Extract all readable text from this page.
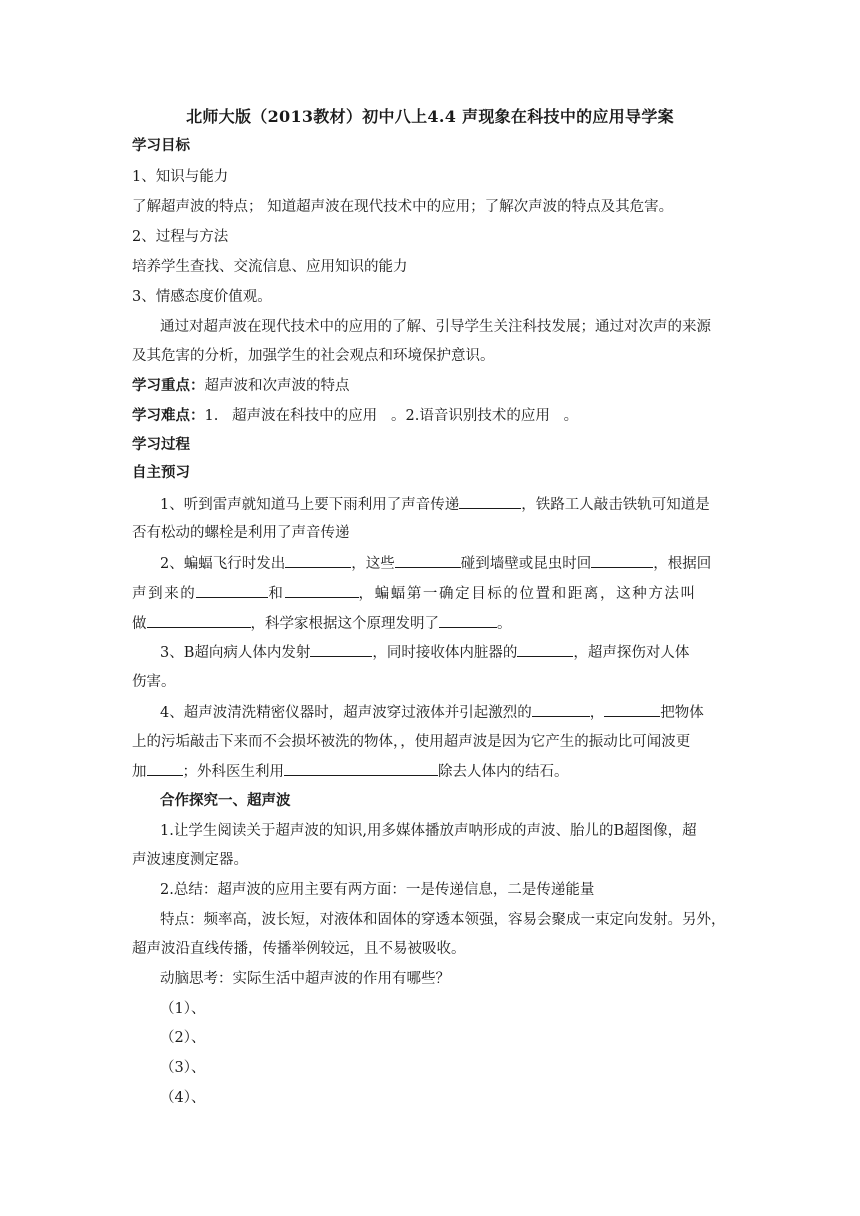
北师大版（2013教材）初中八上4.4 声现象在科技中的应用导学案
学习目标
1、知识与能力
了解超声波的特点； 知道超声波在现代技术中的应用；了解次声波的特点及其危害。
2、过程与方法
培养学生查找、交流信息、应用知识的能力
3、情感态度价值观。
通过对超声波在现代技术中的应用的了解、引导学生关注科技发展；通过对次声的来源
及其危害的分析，加强学生的社会观点和环境保护意识。
学习重点：超声波和次声波的特点
学习难点：1.   超声波在科技中的应用   。2.语音识别技术的应用   。
学习过程
自主预习
1、听到雷声就知道马上要下雨利用了声音传递	，铁路工人敲击铁轨可知道是
否有松动的螺栓是利用了声音传递
2、蝙蝠飞行时发出	，这些	碰到墙壁或昆虫时回	，根据回
声到来的	和	，蝙蝠第一确定目标的位置和距离，这种方法叫
做	，科学家根据这个原理发明了	。
3、B超向病人体内发射	，同时接收体内脏器的	，超声探伤对人体
伤害。
4、超声波清洗精密仪器时，超声波穿过液体并引起激烈的	，	把物体
上的污垢敲击下来而不会损坏被洗的物体，，使用超声波是因为它产生的振动比可闻波更
加 ；外科医生利用	除去人体内的结石。
合作探究一、超声波
1.让学生阅读关于超声波的知识,用多媒体播放声呐形成的声波、胎儿的B超图像，超
声波速度测定器。
2.总结：超声波的应用主要有两方面：一是传递信息，二是传递能量
特点：频率高，波长短，对液体和固体的穿透本领强，容易会聚成一束定向发射。另外，
超声波沿直线传播，传播举例较远，且不易被吸收。
动脑思考：实际生活中超声波的作用有哪些？
（1）、
（2）、
（3）、
（4）、
